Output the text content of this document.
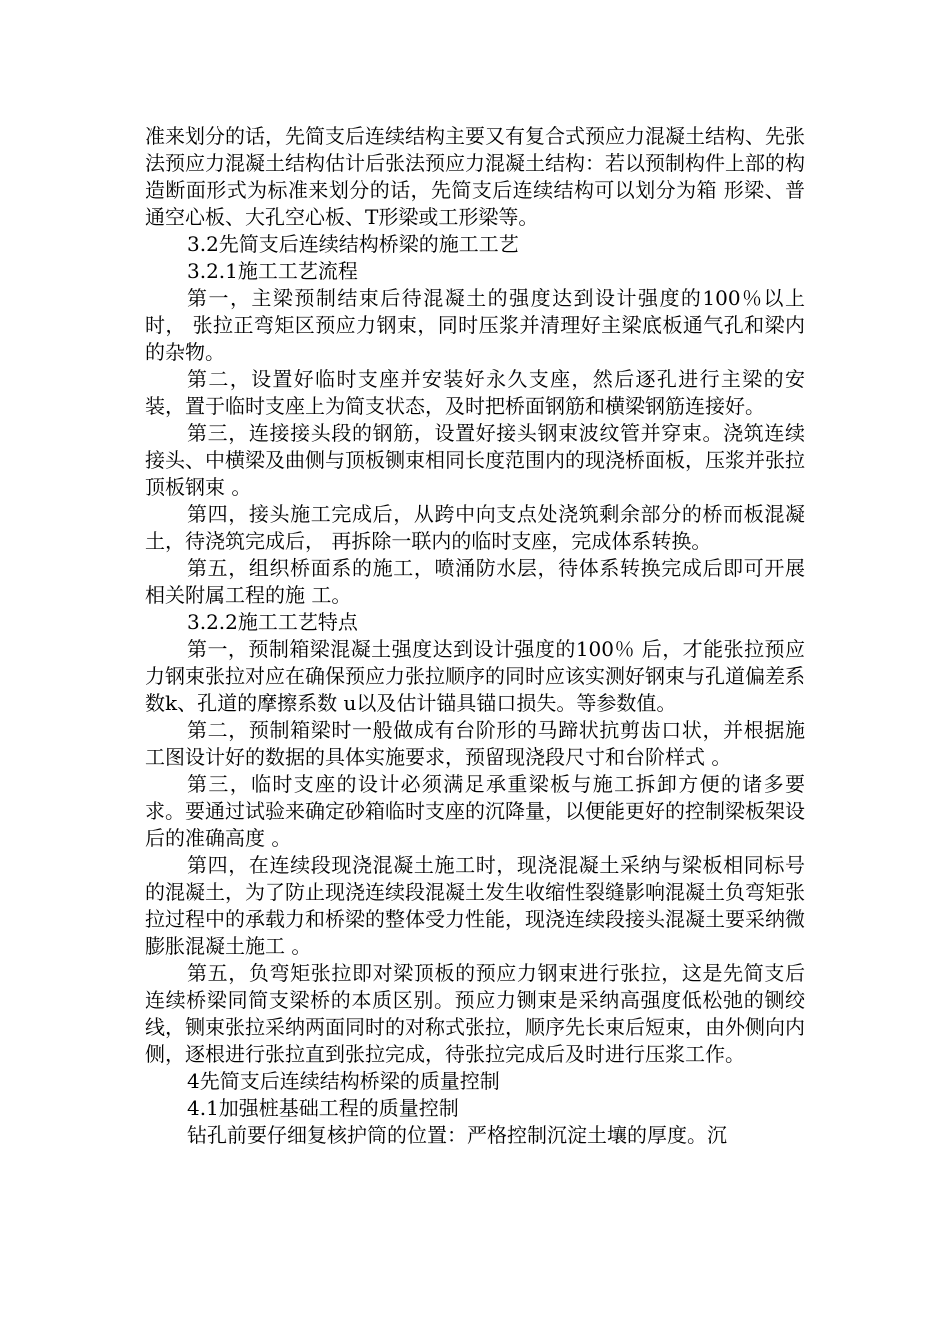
准来划分的话，先简支后连续结构主要又有复合式预应力混凝土结构、先张法预应力混凝土结构估计后张法预应力混凝土结构：若以预制构件上部的构造断面形式为标准来划分的话，先简支后连续结构可以划分为箱 形梁、普通空心板、大孔空心板、T形梁或工形梁等。

3.2先简支后连续结构桥梁的施工工艺

3.2.1施工工艺流程

第一，主梁预制结束后待混凝土的强度达到设计强度的100％以上时， 张拉正弯矩区预应力钢束，同时压浆并清理好主梁底板通气孔和梁内的杂物。

第二，设置好临时支座并安装好永久支座，然后逐孔进行主梁的安装，置于临时支座上为简支状态，及时把桥面钢筋和横梁钢筋连接好。

第三，连接接头段的钢筋，设置好接头钢束波纹管并穿束。浇筑连续接头、中横梁及曲侧与顶板铡束相同长度范围内的现浇桥面板，压浆并张拉顶板钢束 。

第四，接头施工完成后，从跨中向支点处浇筑剩余部分的桥而板混凝土，待浇筑完成后， 再拆除一联内的临时支座，完成体系转换。

第五，组织桥面系的施工，喷涌防水层，待体系转换完成后即可开展相关附属工程的施 工。

3.2.2施工工艺特点

第一，预制箱梁混凝土强度达到设计强度的100％ 后，才能张拉预应力钢束张拉对应在确保预应力张拉顺序的同时应该实测好钢束与孔道偏差系数k、孔道的摩擦系数 u以及估计锚具锚口损失。等参数值。

第二，预制箱梁时一般做成有台阶形的马蹄状抗剪齿口状，并根据施工图设计好的数据的具体实施要求，预留现浇段尺寸和台阶样式 。

第三，临时支座的设计必须满足承重梁板与施工拆卸方便的诸多要求。要通过试验来确定砂箱临时支座的沉降量，以便能更好的控制梁板架设后的准确高度 。

第四，在连续段现浇混凝土施工时，现浇混凝土采纳与梁板相同标号的混凝土，为了防止现浇连续段混凝土发生收缩性裂缝影响混凝土负弯矩张拉过程中的承载力和桥梁的整体受力性能，现浇连续段接头混凝土要采纳微膨胀混凝土施工 。

第五，负弯矩张拉即对梁顶板的预应力钢束进行张拉，这是先简支后连续桥梁同简支梁桥的本质区别。预应力铡束是采纳高强度低松弛的铡绞线，铡束张拉采纳两面同时的对称式张拉，顺序先长束后短束，由外侧向内侧，逐根进行张拉直到张拉完成，待张拉完成后及时进行压浆工作。

4先简支后连续结构桥梁的质量控制

4.1加强桩基础工程的质量控制

钻孔前要仔细复核护筒的位置：严格控制沉淀土壤的厚度。沉
